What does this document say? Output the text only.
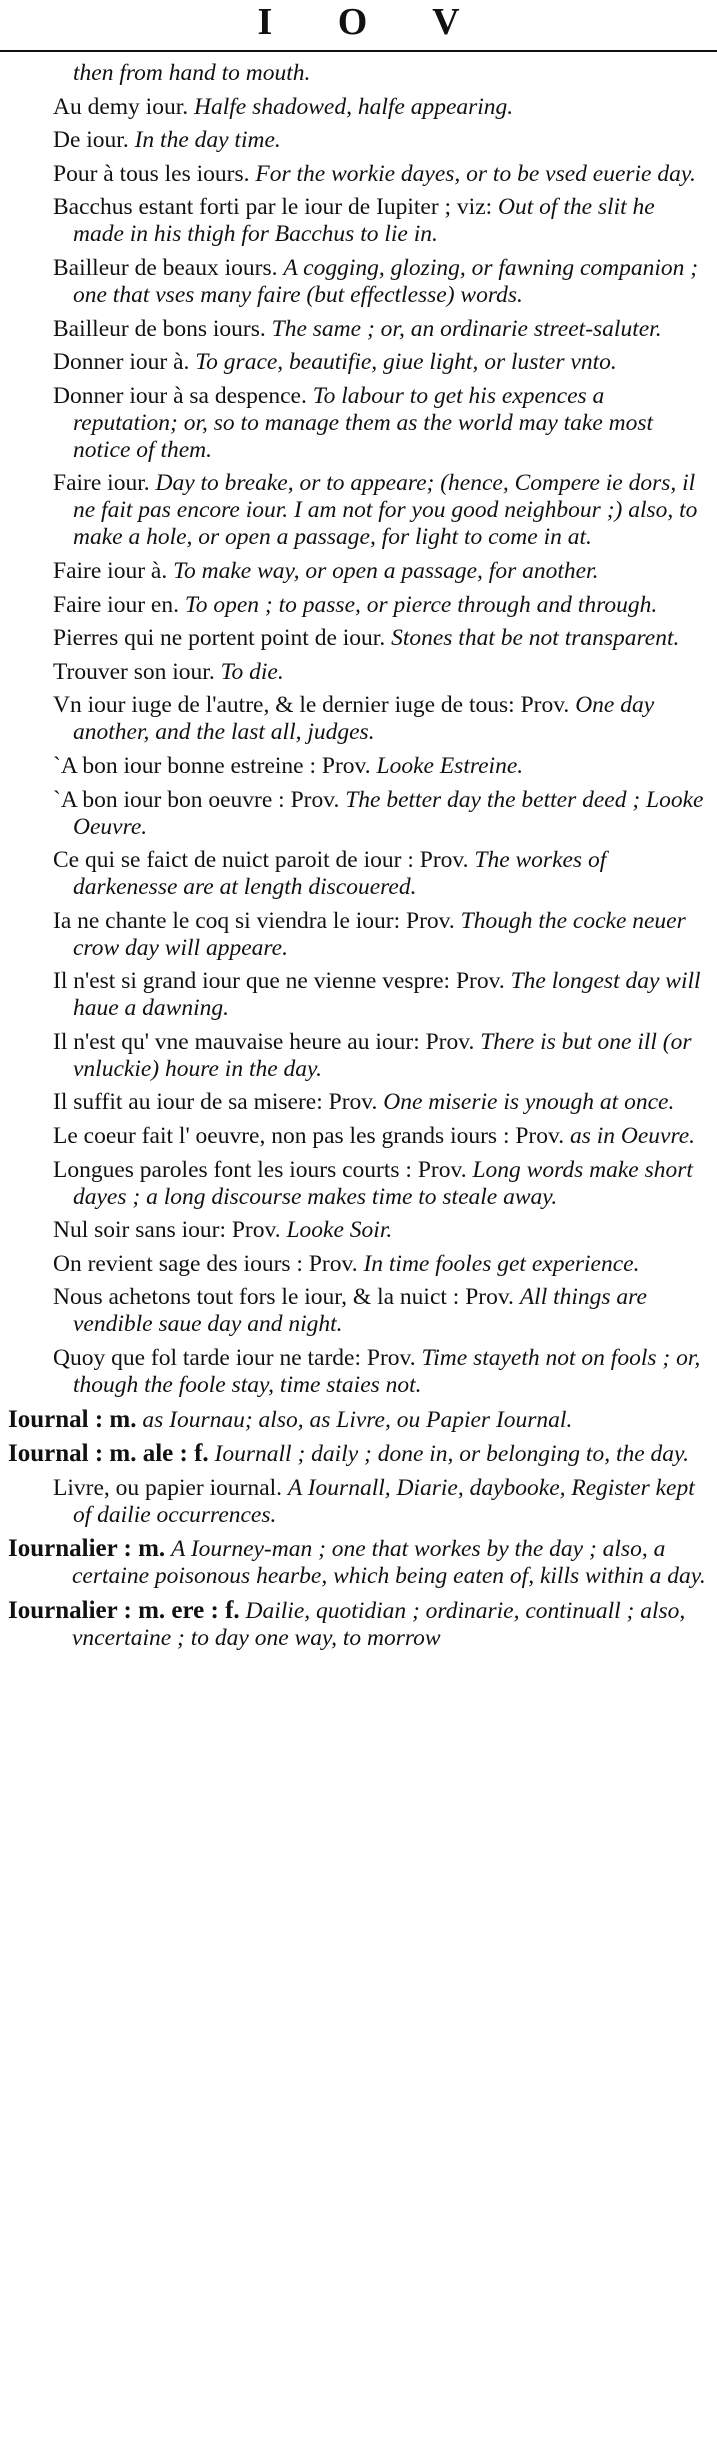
I O V
then from hand to mouth.
Au demy iour. Halfe shadowed, halfe appearing.
De iour. In the day time.
Pour à tous les iours. For the workie dayes, or to be vsed euerie day.
Bacchus estant forti par le iour de Iupiter ; viz: Out of the slit he made in his thigh for Bacchus to lie in.
Bailleur de beaux iours. A cogging, glozing, or fawning companion ; one that vses many faire (but effectlesse) words.
Bailleur de bons iours. The same ; or, an ordinarie street-saluter.
Donner iour à. To grace, beautifie, giue light, or luster vnto.
Donner iour à sa despence. To labour to get his expences a reputation; or, so to manage them as the world may take most notice of them.
Faire iour. Day to breake, or to appeare; (hence, Compere ie dors, il ne fait pas encore iour. I am not for you good neighbour ;) also, to make a hole, or open a passage, for light to come in at.
Faire iour à. To make way, or open a passage, for another.
Faire iour en. To open ; to passe, or pierce through and through.
Pierres qui ne portent point de iour. Stones that be not transparent.
Trouver son iour. To die.
Vn iour iuge de l'autre, & le dernier iuge de tous: Prov. One day another, and the last all, judges.
`A bon iour bonne estreine : Prov. Looke Estreine.
`A bon iour bon oeuvre : Prov. The better day the better deed ; Looke Oeuvre.
Ce qui se faict de nuict paroit de iour : Prov. The workes of darkenesse are at length discouered.
Ia ne chante le coq si viendra le iour: Prov. Though the cocke neuer crow day will appeare.
Il n'est si grand iour que ne vienne vespre: Prov. The longest day will haue a dawning.
Il n'est qu' vne mauvaise heure au iour: Prov. There is but one ill (or vnluckie) houre in the day.
Il suffit au iour de sa misere: Prov. One miserie is ynough at once.
Le coeur fait l' oeuvre, non pas les grands iours : Prov. as in Oeuvre.
Longues paroles font les iours courts : Prov. Long words make short dayes ; a long discourse makes time to steale away.
Nul soir sans iour: Prov. Looke Soir.
On revient sage des iours : Prov. In time fooles get experience.
Nous achetons tout fors le iour, & la nuict : Prov. All things are vendible saue day and night.
Quoy que fol tarde iour ne tarde: Prov. Time stayeth not on fools ; or, though the foole stay, time staies not.
Iournal : m. as Iournau; also, as Livre, ou Papier Iournal.
Iournal : m. ale : f. Iournall ; daily ; done in, or belonging to, the day.
Livre, ou papier iournal. A Iournall, Diarie, daybooke, Register kept of dailie occurrences.
Iournalier : m. A Iourney-man ; one that workes by the day ; also, a certaine poisonous hearbe, which being eaten of, kills within a day.
Iournalier : m. ere : f. Dailie, quotidian ; ordinarie, continuall ; also, vncertaine ; to day one way, to morrow
